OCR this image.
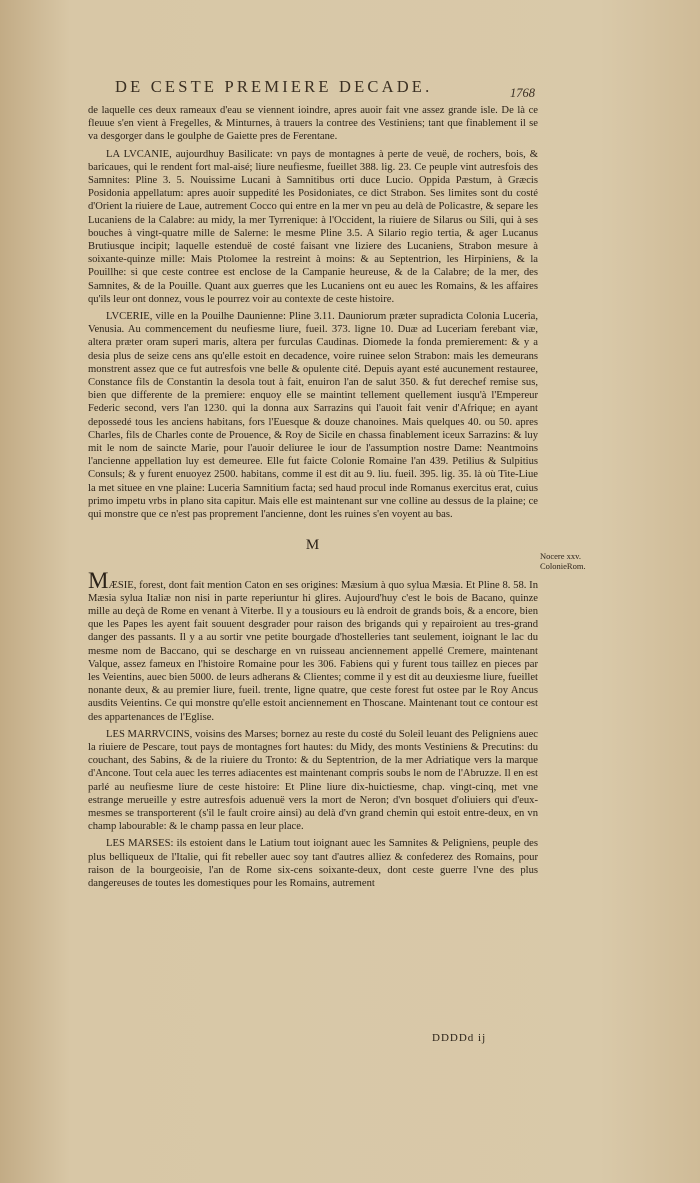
DE CESTE PREMIERE DECADE.	1768

de laquelle ces deux rameaux d'eau se viennent ioindre, apres auoir fait vne assez grande isle. De là ce fleuue s'en vient à Fregelles, & Minturnes, à trauers la contree des Vestiniens; tant que finablement il se va desgorger dans le goulphe de Gaiette pres de Ferentane.

LA LVCANIE, aujourdhuy Basilicate: vn pays de montagnes à perte de veuë, de rochers, bois, & baricaues, qui le rendent fort mal-aisé; liure neufiesme, fueillet 388. lig. 23. Ce peuple vint autresfois des Samnites: Pline 3. 5. Nouissime Lucani à Samnitibus orti duce Lucio. Oppida Pæstum, à Græcis Posidonia appellatum: apres auoir suppedité les Posidoniates, ce dict Strabon. Ses limites sont du costé d'Orient la riuiere de Laue, autrement Cocco qui entre en la mer vn peu au delà de Policastre, & separe les Lucaniens de la Calabre: au midy, la mer Tyrrenique: à l'Occident, la riuiere de Silarus ou Sili, qui à ses bouches à vingt-quatre mille de Salerne: le mesme Pline 3.5. A Silario regio tertia, & ager Lucanus Brutiusque incipit; laquelle estenduë de costé faisant vne liziere des Lucaniens, Strabon mesure à soixante-quinze mille: Mais Ptolomee la restreint à moins: & au Septentrion, les Hirpiniens, & la Pouillhe: si que ceste contree est enclose de la Campanie heureuse, & de la Calabre; de la mer, des Samnites, & de la Pouille. Quant aux guerres que les Lucaniens ont eu auec les Romains, & les affaires qu'ils leur ont donnez, vous le pourrez voir au contexte de ceste histoire.

LVCERIE, ville en la Pouilhe Daunienne: Pline 3.11. Dauniorum præter supradicta Colonia Luceria, Venusia. Au commencement du neufiesme liure, fueil. 373. ligne 10. Duæ ad Luceriam ferebant viæ, altera præter oram superi maris, altera per furculas Caudinas. Diomede la fonda premierement: & y a desia plus de seize cens ans qu'elle estoit en decadence, voire ruinee selon Strabon: mais les demeurans monstrent assez que ce fut autresfois vne belle & opulente cité. Depuis ayant esté aucunement restauree, Constance fils de Constantin la desola tout à fait, enuiron l'an de salut 350. & fut derechef remise sus, bien que differente de la premiere: enquoy elle se maintint tellement quellement iusqu'à l'Empereur Federic second, vers l'an 1230. qui la donna aux Sarrazins qui l'auoit fait venir d'Afrique; en ayant depossedé tous les anciens habitans, fors l'Euesque & douze chanoines. Mais quelques 40. ou 50. apres Charles, fils de Charles conte de Prouence, & Roy de Sicile en chassa finablement iceux Sarrazins: & luy mit le nom de saincte Marie, pour l'auoir deliuree le iour de l'assumption nostre Dame: Neantmoins l'ancienne appellation luy est demeuree. Elle fut faicte Colonie Romaine l'an 439. Petilius & Sulpitius Consuls; & y furent enuoyez 2500. habitans, comme il est dit au 9. liu. fueil. 395. lig. 35. là où Tite-Liue la met situee en vne plaine: Luceria Samnitium facta; sed haud procul inde Romanus exercitus erat, cuius primo impetu vrbs in plano sita capitur. Mais elle est maintenant sur vne colline au dessus de la plaine; ce qui monstre que ce n'est pas proprement l'ancienne, dont les ruines s'en voyent au bas.

M

MÆSIE, forest, dont fait mention Caton en ses origines: Mæsium à quo sylua Mæsia. Et Pline 8. 58. In Mæsia sylua Italiæ non nisi in parte reperiuntur hi glires. Aujourd'huy c'est le bois de Bacano, quinze mille au deçà de Rome en venant à Viterbe. Il y a tousiours eu là endroit de grands bois, & a encore, bien que les Papes les ayent fait souuent desgrader pour raison des brigands qui y repairoient au tres-grand danger des passants. Il y a au sortir vne petite bourgade d'hostelleries tant seulement, ioignant le lac du mesme nom de Baccano, qui se descharge en vn ruisseau anciennement appellé Cremere, maintenant Valque, assez fameux en l'histoire Romaine pour les 306. Fabiens qui y furent tous taillez en pieces par les Veientins, auec bien 5000. de leurs adherans & Clientes; comme il y est dit au deuxiesme liure, fueillet nonante deux, & au premier liure, fueil. trente, ligne quatre, que ceste forest fut ostee par le Roy Ancus ausdits Veientins. Ce qui monstre qu'elle estoit anciennement en Thoscane. Maintenant tout ce contour est des appartenances de l'Eglise.

LES MARRVCINS, voisins des Marses; bornez au reste du costé du Soleil leuant des Peligniens auec la riuiere de Pescare, tout pays de montagnes fort hautes: du Midy, des monts Vestiniens & Precutins: du couchant, des Sabins, & de la riuiere du Tronto: & du Septentrion, de la mer Adriatique vers la marque d'Ancone. Tout cela auec les terres adiacentes est maintenant compris soubs le nom de l'Abruzze. Il en est parlé au neufiesme liure de ceste histoire: Et Pline liure dix-huictiesme, chap. vingt-cinq, met vne estrange merueille y estre autresfois aduenuë vers la mort de Neron; d'vn bosquet d'oliuiers qui d'eux-mesmes se transporterent (s'il le fault croire ainsi) au delà d'vn grand chemin qui estoit entre-deux, en vn champ labourable: & le champ passa en leur place.

LES MARSES: ils estoient dans le Latium tout ioignant auec les Samnites & Pelignìens, peuple des plus belliqueux de l'Italie, qui fit rebeller auec soy tant d'autres alliez & confederez des Romains, pour raison de la bourgeoisie, l'an de Rome six-cens soixante-deux, dont ceste guerre l'vne des plus dangereuses de toutes les domestiques pour les Romains, autrement

Nocere xxv.
ColonieRom.
DDDDd ij
